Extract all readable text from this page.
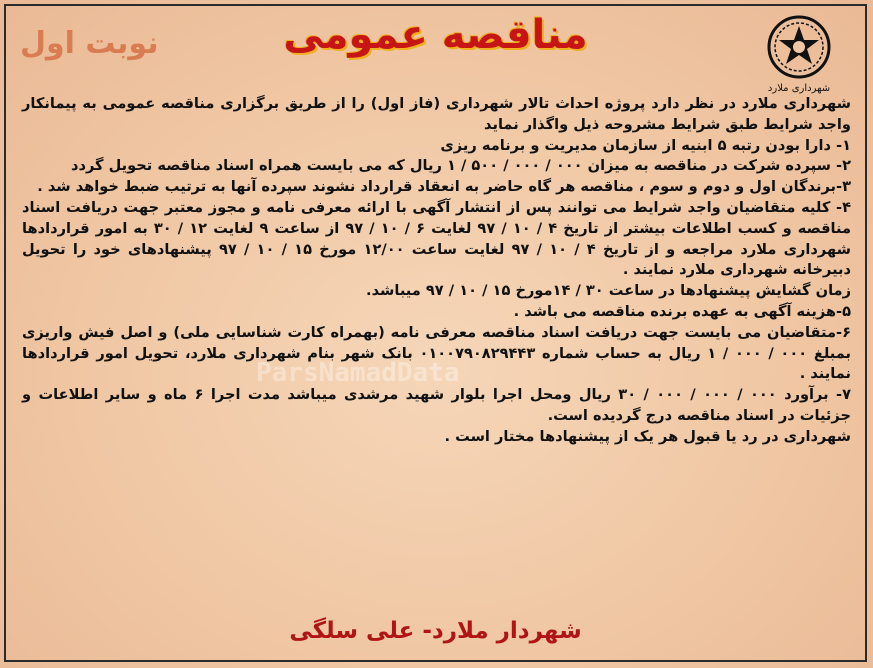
نوبت اول	مناقصه عمومی
شهرداری ملارد

شهرداری ملارد در نظر دارد پروژه احداث تالار شهرداری (فاز اول) را از طریق برگزاری مناقصه عمومی به پیمانکار واجد شرایط طبق شرایط مشروحه ذیل واگذار نماید

۱- دارا بودن رتبه ۵ ابنیه از سازمان مدیریت و برنامه ریزی

۲- سپرده شرکت در مناقصه به میزان ۰۰۰ / ۰۰۰ / ۵۰۰ / ۱ ریال که می بایست همراه اسناد مناقصه تحویل گردد

۳-برندگان اول و دوم و سوم ، مناقصه هر گاه حاضر به انعقاد قرارداد نشوند سپرده آنها به ترتیب ضبط خواهد شد .

۴- کلیه متقاضیان واجد شرایط می توانند پس از انتشار آگهی با ارائه معرفی نامه و مجوز معتبر جهت دریافت اسناد مناقصه و کسب اطلاعات بیشتر از تاریخ ۴ / ۱۰ / ۹۷ لغایت ۶ / ۱۰ / ۹۷ از ساعت ۹ لغایت ۱۲ / ۳۰ به امور قراردادها شهرداری ملارد مراجعه و از تاریخ ۴ / ۱۰ / ۹۷ لغایت ساعت ۱۲/۰۰ مورخ ۱۵ / ۱۰ / ۹۷ پیشنهادهای خود را تحویل دبیرخانه شهرداری ملارد نمایند .

زمان گشایش پیشنهادها در ساعت ۳۰ / ۱۴مورخ ۱۵ / ۱۰ / ۹۷ میباشد.

۵-هزینه آگهی به عهده برنده مناقصه می باشد .

۶-متقاضیان می بایست جهت دریافت اسناد مناقصه معرفی نامه (بهمراه کارت شناسایی ملی) و اصل فیش واریزی بمبلغ ۰۰۰ / ۰۰۰ / ۱ ریال به حساب شماره ۰۱۰۰۷۹۰۸۲۹۴۴۳ بانک شهر بنام شهرداری ملارد، تحویل امور قراردادها نمایند .

۷- برآورد ۰۰۰ / ۰۰۰ / ۰۰۰ / ۳۰ ریال ومحل اجرا بلوار شهید مرشدی میباشد مدت اجرا ۶ ماه و سایر اطلاعات و جزئیات در اسناد مناقصه درج گردیده است.

شهرداری در رد یا قبول هر یک از پیشنهادها مختار است .

ParsNamadData
شهردار ملارد- علی سلگی
